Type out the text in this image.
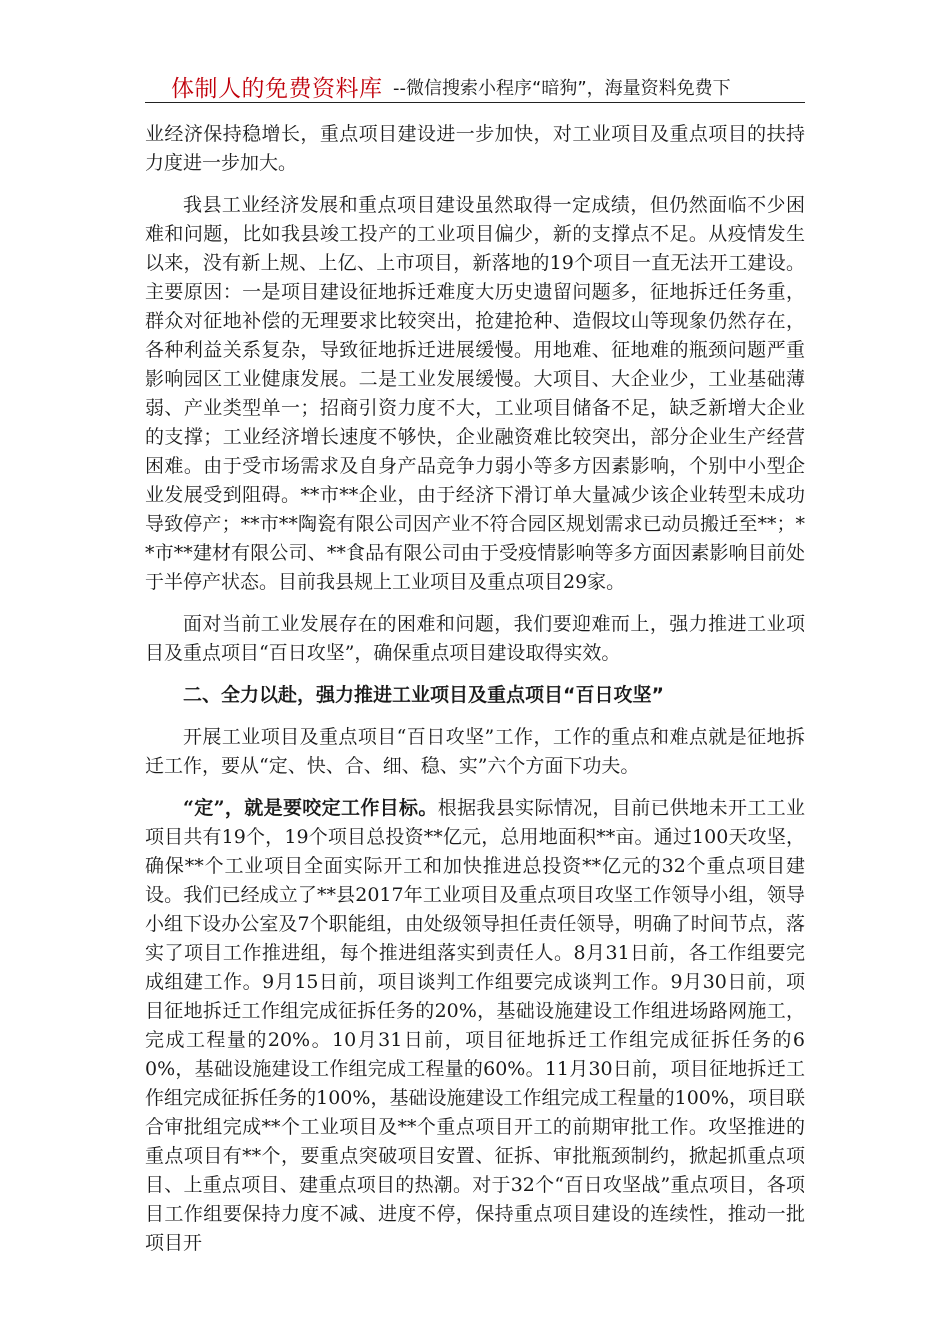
体制人的免费资料库 --微信搜索小程序“暗狗”，海量资料免费下

业经济保持稳增长，重点项目建设进一步加快，对工业项目及重点项目的扶持力度进一步加大。

我县工业经济发展和重点项目建设虽然取得一定成绩，但仍然面临不少困难和问题，比如我县竣工投产的工业项目偏少，新的支撑点不足。从疫情发生以来，没有新上规、上亿、上市项目，新落地的19个项目一直无法开工建设。主要原因：一是项目建设征地拆迁难度大历史遗留问题多，征地拆迁任务重，群众对征地补偿的无理要求比较突出，抢建抢种、造假坟山等现象仍然存在，各种利益关系复杂，导致征地拆迁进展缓慢。用地难、征地难的瓶颈问题严重影响园区工业健康发展。二是工业发展缓慢。大项目、大企业少，工业基础薄弱、产业类型单一；招商引资力度不大，工业项目储备不足，缺乏新增大企业的支撑；工业经济增长速度不够快，企业融资难比较突出，部分企业生产经营困难。由于受市场需求及自身产品竞争力弱小等多方因素影响，个别中小型企业发展受到阻碍。**市**企业，由于经济下滑订单大量减少该企业转型未成功导致停产；**市**陶瓷有限公司因产业不符合园区规划需求已动员搬迁至**；**市**建材有限公司、**食品有限公司由于受疫情影响等多方面因素影响目前处于半停产状态。目前我县规上工业项目及重点项目29家。

面对当前工业发展存在的困难和问题，我们要迎难而上，强力推进工业项目及重点项目“百日攻坚”，确保重点项目建设取得实效。

二、全力以赴，强力推进工业项目及重点项目“百日攻坚”

开展工业项目及重点项目“百日攻坚”工作，工作的重点和难点就是征地拆迁工作，要从“定、快、合、细、稳、实”六个方面下功夫。

“定”，就是要咬定工作目标。根据我县实际情况，目前已供地未开工工业项目共有19个，19个项目总投资**亿元，总用地面积**亩。通过100天攻坚，确保**个工业项目全面实际开工和加快推进总投资**亿元的32个重点项目建设。我们已经成立了**县2017年工业项目及重点项目攻坚工作领导小组，领导小组下设办公室及7个职能组，由处级领导担任责任领导，明确了时间节点，落实了项目工作推进组，每个推进组落实到责任人。8月31日前，各工作组要完成组建工作。9月15日前，项目谈判工作组要完成谈判工作。9月30日前，项目征地拆迁工作组完成征拆任务的20%，基础设施建设工作组进场路网施工，完成工程量的20%。10月31日前，项目征地拆迁工作组完成征拆任务的60%，基础设施建设工作组完成工程量的60%。11月30日前，项目征地拆迁工作组完成征拆任务的100%，基础设施建设工作组完成工程量的100%，项目联合审批组完成**个工业项目及**个重点项目开工的前期审批工作。攻坚推进的重点项目有**个，要重点突破项目安置、征拆、审批瓶颈制约，掀起抓重点项目、上重点项目、建重点项目的热潮。对于32个“百日攻坚战”重点项目，各项目工作组要保持力度不减、进度不停，保持重点项目建设的连续性，推动一批项目开
